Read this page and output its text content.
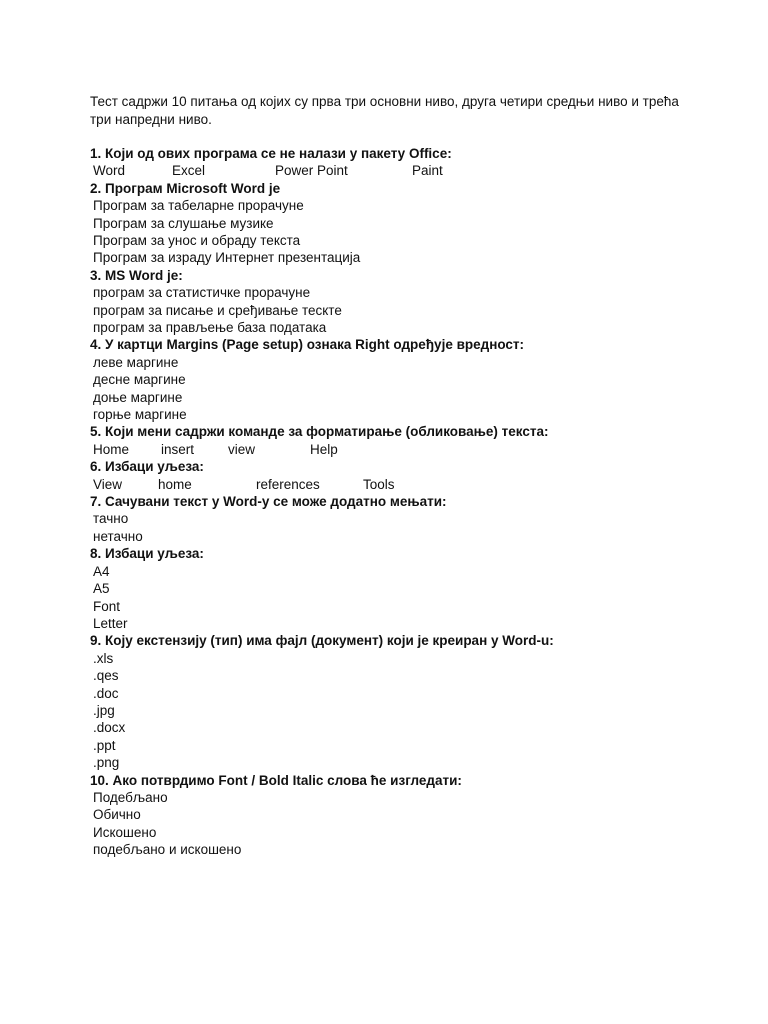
Тест садржи 10 питања од којих су прва три основни ниво, друга четири средњи ниво и трећа три напредни ниво.
1. Који од ових програма се не налази у пакету Office:
Word	Excel	Power Point	Paint
2. Програм Microsoft Word je
Програм за табеларне прорачуне
Програм за слушање музике
Програм за унос и обраду текста
Програм за израду Интернет презентација
3. MS Word je:
програм за статистичке прорачуне
програм за писање и сређивање тескте
програм за прављење база података
4. У картци Margins (Page setup) ознака Right одређује вредност:
леве маргине
десне маргине
доње маргине
горње маргине
5. Који мени садржи команде за форматирање (обликовање) текста:
Home insert	view	Help
6. Избаци уљеза:
View	home	references	Tools
7. Сачувани текст у Word-у се може додатно мењати:
тачно
нетачно
8. Избаци уљеза:
A4
A5
Font
Letter
9. Коју екстензију (тип) има фајл (документ) који је креиран у Word-u:
.xls
.qes
.doc
.jpg
.docx
.ppt
.png
10. Ако потврдимо Font / Bold Italic слова ће изгледати:
Подебљано
Обично
Искошено
подебљано и искошено
